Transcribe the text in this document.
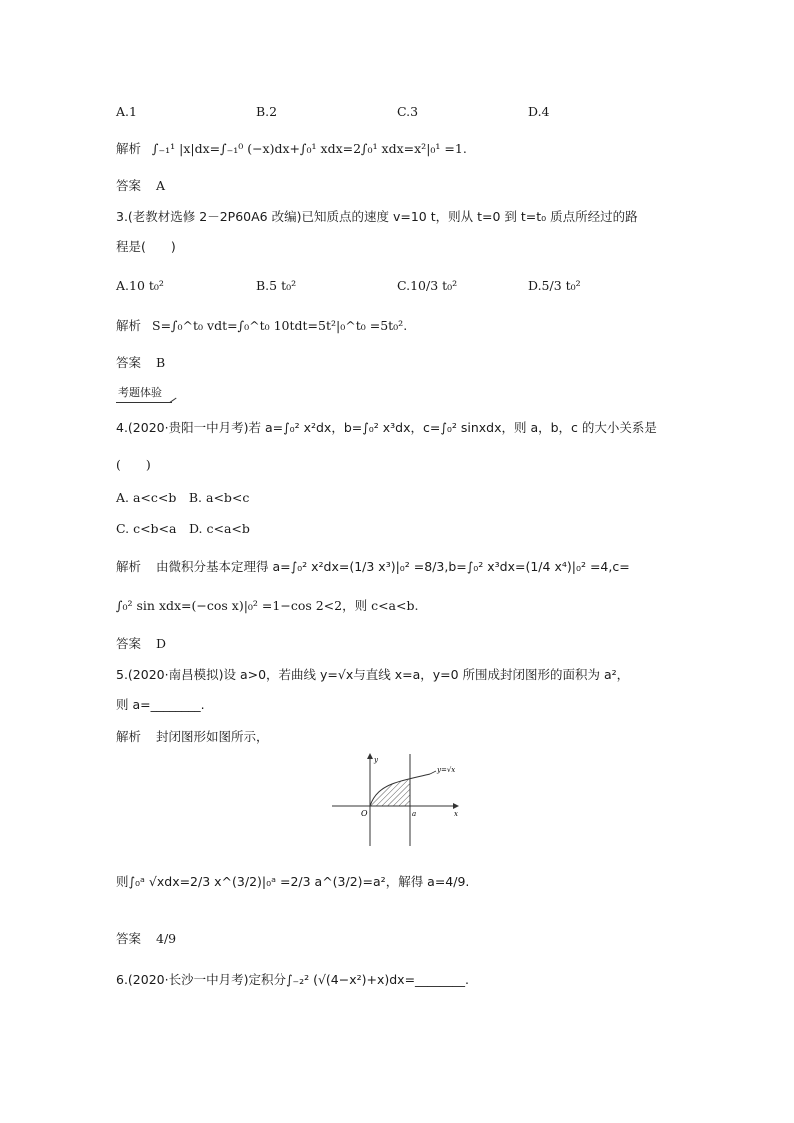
A.1	B.2	C.3	D.4
解析 ∫₋₁¹ |x|dx=∫₋₁⁰ (−x)dx+∫₀¹ xdx=2∫₀¹ xdx=x²|₀¹ =1.
答案 A
3.(老教材选修 2－2P60A6 改编)已知质点的速度 v=10 t，则从 t=0 到 t=t₀ 质点所经过的路
程是(　　)
A.10 t₀²	B.5 t₀²	C.10/3 t₀²	D.5/3 t₀²
解析 S=∫₀^t₀ vdt=∫₀^t₀ 10tdt=5t²|₀^t₀ =5t₀².
答案 B
考题体验
4.(2020·贵阳一中月考)若 a=∫₀² x²dx，b=∫₀² x³dx，c=∫₀² sinxdx，则 a，b，c 的大小关系是
(　　)
A. a<c<b　B. a<b<c
C. c<b<a　D. c<a<b
解析 由微积分基本定理得 a=∫₀² x²dx=(1/3 x³)|₀² =8/3,b=∫₀² x³dx=(1/4 x⁴)|₀² =4,c=
∫₀² sin xdx=(−cos x)|₀² =1−cos 2<2，则 c<a<b.
答案 D
5.(2020·南昌模拟)设 a>0，若曲线 y=√x与直线 x=a，y=0 所围成封闭图形的面积为 a²，
则 a=________.
解析 封闭图形如图所示，
y=√x
y
O	a	x
则∫₀ᵃ √xdx=2/3 x^(3/2)|₀ᵃ =2/3 a^(3/2)=a²，解得 a=4/9.
答案 4/9
6.(2020·长沙一中月考)定积分∫₋₂² (√(4−x²)+x)dx=________.
